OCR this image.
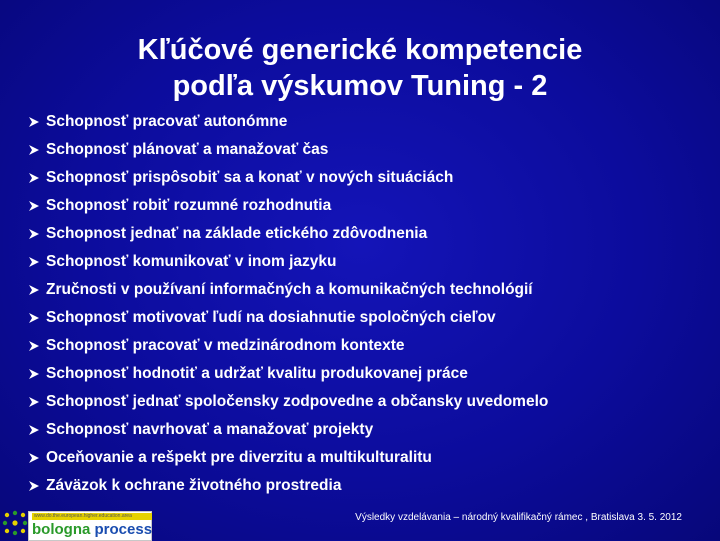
Kľúčové generické kompetencie
podľa výskumov Tuning - 2
Schopnosť pracovať autonómne
Schopnosť plánovať a manažovať čas
Schopnosť prispôsobiť sa a konať v nových situáciách
Schopnosť robiť rozumné rozhodnutia
Schopnost jednať na základe etického zdôvodnenia
Schopnosť komunikovať v inom jazyku
Zručnosti v používaní informačných a komunikačných technológií
Schopnosť motivovať ľudí na dosiahnutie spoločných cieľov
Schopnosť pracovať v medzinárodnom kontexte
Schopnosť hodnotiť a udržať kvalitu produkovanej práce
Schopnosť jednať spoločensky zodpovedne a občansky uvedomelo
Schopnosť navrhovať a manažovať projekty
Oceňovanie a rešpekt pre diverzitu a multikulturalitu
Záväzok k ochrane životného prostredia
www.do.the.european.higher.education.area
bologna process
Výsledky vzdelávania – národný kvalifikačný rámec , Bratislava 3. 5. 2012
